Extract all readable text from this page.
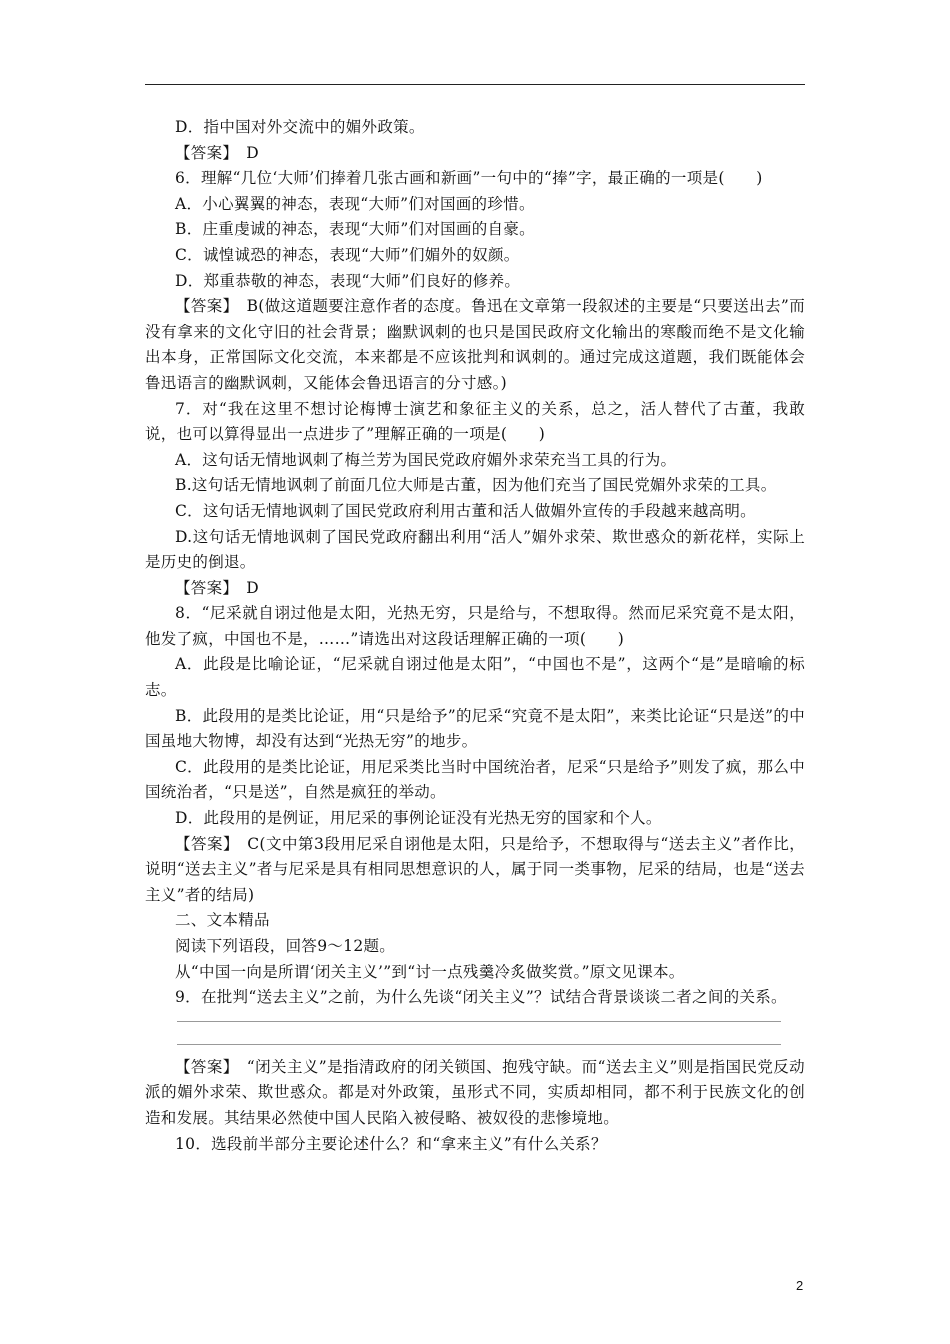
D．指中国对外交流中的媚外政策。

【答案】　D

6．理解“几位‘大师’们捧着几张古画和新画”一句中的“捧”字，最正确的一项是(　　)

A．小心翼翼的神态，表现“大师”们对国画的珍惜。

B．庄重虔诚的神态，表现“大师”们对国画的自豪。

C．诚惶诚恐的神态，表现“大师”们媚外的奴颜。

D．郑重恭敬的神态，表现“大师”们良好的修养。

【答案】　B(做这道题要注意作者的态度。鲁迅在文章第一段叙述的主要是“只要送出去”而没有拿来的文化守旧的社会背景；幽默讽刺的也只是国民政府文化输出的寒酸而绝不是文化输出本身，正常国际文化交流，本来都是不应该批判和讽刺的。通过完成这道题，我们既能体会鲁迅语言的幽默讽刺，又能体会鲁迅语言的分寸感。)

7．对“我在这里不想讨论梅博士演艺和象征主义的关系，总之，活人替代了古董，我敢说，也可以算得显出一点进步了”理解正确的一项是(　　)

A．这句话无情地讽刺了梅兰芳为国民党政府媚外求荣充当工具的行为。

B.这句话无情地讽刺了前面几位大师是古董，因为他们充当了国民党媚外求荣的工具。

C．这句话无情地讽刺了国民党政府利用古董和活人做媚外宣传的手段越来越高明。

D.这句话无情地讽刺了国民党政府翻出利用“活人”媚外求荣、欺世惑众的新花样，实际上是历史的倒退。

【答案】　D

8．“尼采就自诩过他是太阳，光热无穷，只是给与，不想取得。然而尼采究竟不是太阳，他发了疯，中国也不是，……”请选出对这段话理解正确的一项(　　)

A．此段是比喻论证，“尼采就自诩过他是太阳”，“中国也不是”，这两个“是”是暗喻的标志。

B．此段用的是类比论证，用“只是给予”的尼采“究竟不是太阳”，来类比论证“只是送”的中国虽地大物博，却没有达到“光热无穷”的地步。

C．此段用的是类比论证，用尼采类比当时中国统治者，尼采“只是给予”则发了疯，那么中国统治者，“只是送”，自然是疯狂的举动。

D．此段用的是例证，用尼采的事例论证没有光热无穷的国家和个人。

【答案】　C(文中第3段用尼采自诩他是太阳，只是给予，不想取得与“送去主义”者作比，说明“送去主义”者与尼采是具有相同思想意识的人，属于同一类事物，尼采的结局，也是“送去主义”者的结局)

二、文本精品

阅读下列语段，回答9～12题。

从“中国一向是所谓‘闭关主义’”到“讨一点残羹冷炙做奖赏。”原文见课本。

9．在批判“送去主义”之前，为什么先谈“闭关主义”？试结合背景谈谈二者之间的关系。

【答案】　“闭关主义”是指清政府的闭关锁国、抱残守缺。而“送去主义”则是指国民党反动派的媚外求荣、欺世惑众。都是对外政策，虽形式不同，实质却相同，都不利于民族文化的创造和发展。其结果必然使中国人民陷入被侵略、被奴役的悲惨境地。

10．选段前半部分主要论述什么？和“拿来主义”有什么关系？

2
